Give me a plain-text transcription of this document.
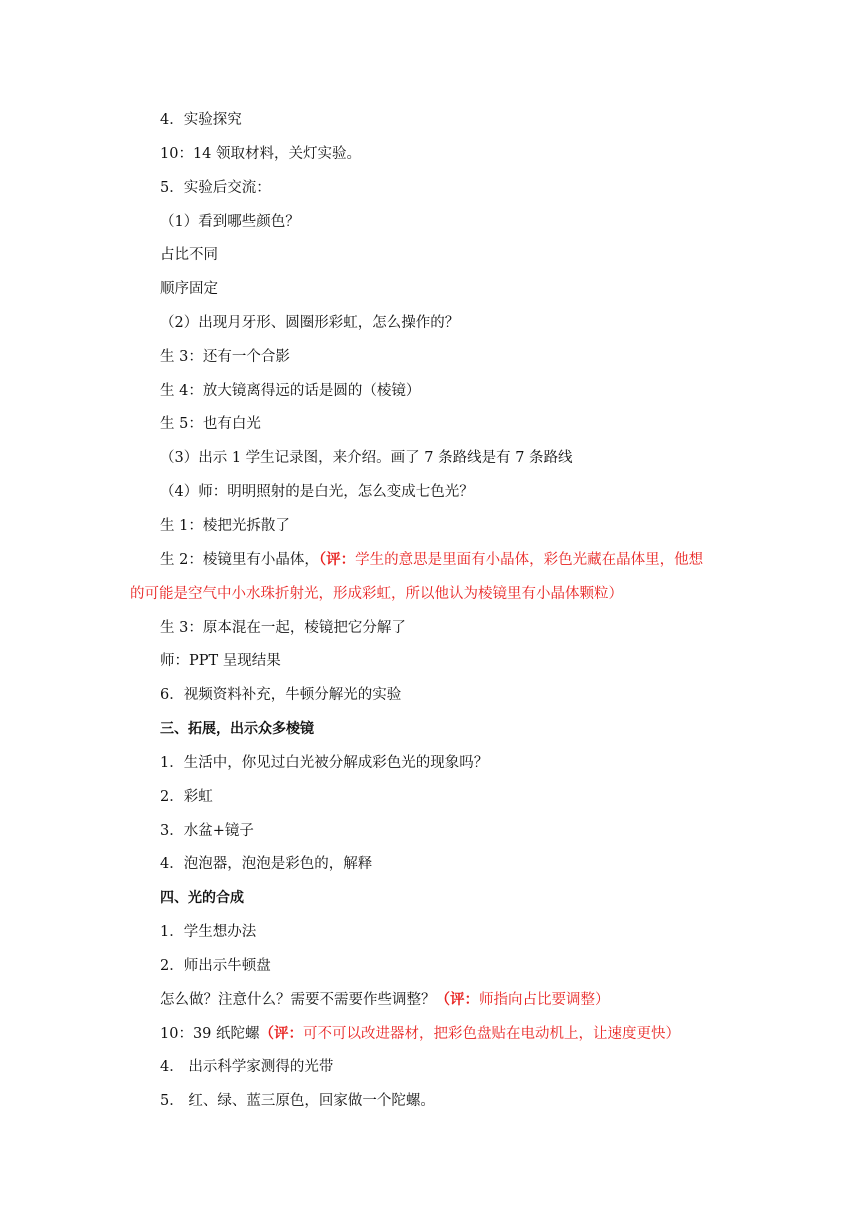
4．实验探究
10：14 领取材料，关灯实验。
5．实验后交流：
（1）看到哪些颜色？
占比不同
顺序固定
（2）出现月牙形、圆圈形彩虹，怎么操作的？
生 3：还有一个合影
生 4：放大镜离得远的话是圆的（棱镜）
生 5：也有白光
（3）出示 1 学生记录图，来介绍。画了 7 条路线是有 7 条路线
（4）师：明明照射的是白光，怎么变成七色光？
生 1：棱把光拆散了
生 2：棱镜里有小晶体，（评：学生的意思是里面有小晶体，彩色光藏在晶体里，他想
的可能是空气中小水珠折射光，形成彩虹，所以他认为棱镜里有小晶体颗粒）
生 3：原本混在一起，棱镜把它分解了
师：PPT 呈现结果
6．视频资料补充，牛顿分解光的实验
三、拓展，出示众多棱镜
1．生活中，你见过白光被分解成彩色光的现象吗？
2．彩虹
3．水盆+镜子
4．泡泡器，泡泡是彩色的，解释
四、光的合成
1．学生想办法
2．师出示牛顿盘
怎么做？注意什么？需要不需要作些调整？（评：师指向占比要调整）
10：39 纸陀螺（评：可不可以改进器材，把彩色盘贴在电动机上，让速度更快）
4． 出示科学家测得的光带
5． 红、绿、蓝三原色，回家做一个陀螺。
